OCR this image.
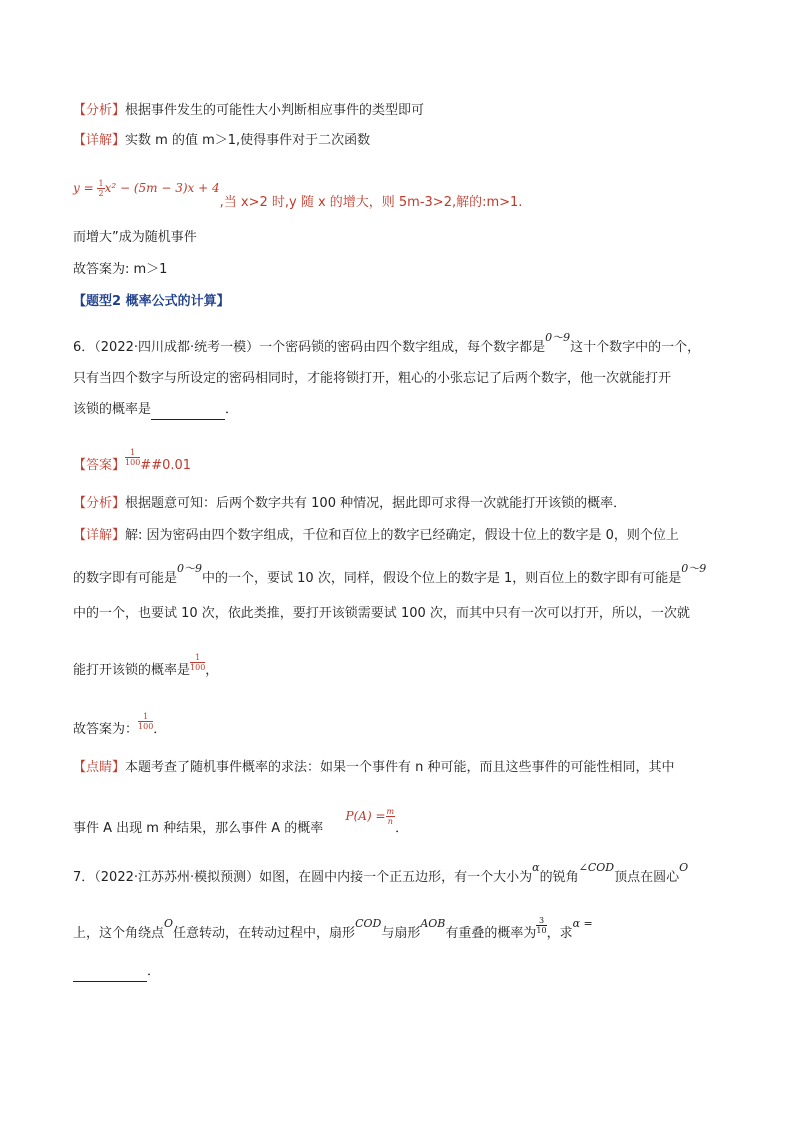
【分析】根据事件发生的可能性大小判断相应事件的类型即可
【详解】实数 m 的值 m＞1,使得事件对于二次函数
$y = \frac{1}{2} x^2 - (5m - 3)x + 4$,当 x>2 时,y 随 x 的增大，则 5m-3>2,解的:m>1.
而增大”成为随机事件
故答案为: m＞1
【题型2 概率公式的计算】
6．（2022·四川成都·统考一模）一个密码锁的密码由四个数字组成，每个数字都是$^{0\sim 9}$这十个数字中的一个，
只有当四个数字与所设定的密码相同时，才能将锁打开，粗心的小张忘记了后两个数字，他一次就能打开
该锁的概率是	．
【答案】 $\frac{1}{100}$ ##0.01
【分析】根据题意可知：后两个数字共有 100 种情况，据此即可求得一次就能打开该锁的概率．
【详解】解: 因为密码由四个数字组成，千位和百位上的数字已经确定，假设十位上的数字是 0，则个位上
的数字即有可能是$^{0\sim 9}$中的一个，要试 10 次，同样，假设个位上的数字是 1，则百位上的数字即有可能是$^{0\sim 9}$
中的一个，也要试 10 次，依此类推，要打开该锁需要试 100 次，而其中只有一次可以打开，所以，一次就
能打开该锁的概率是 $\frac{1}{100}$ ，
故答案为： $\frac{1}{100}$ ．
【点睛】本题考查了随机事件概率的求法：如果一个事件有 n 种可能，而且这些事件的可能性相同，其中
事件 A 出现 m 种结果，那么事件 A 的概率  $P(A) = \frac{m}{n}$
．
7．（2022·江苏苏州·模拟预测）如图，在圆中内接一个正五边形，有一个大小为$^\alpha$的锐角$^{\angle COD}$顶点在圆心$^O$
上，这个角绕点$^O$任意转动，在转动过程中，扇形$^{COD}$与扇形$^{AOB}$有重叠的概率为 $\frac{3}{10}$ ，求$^{\alpha =}$
．
